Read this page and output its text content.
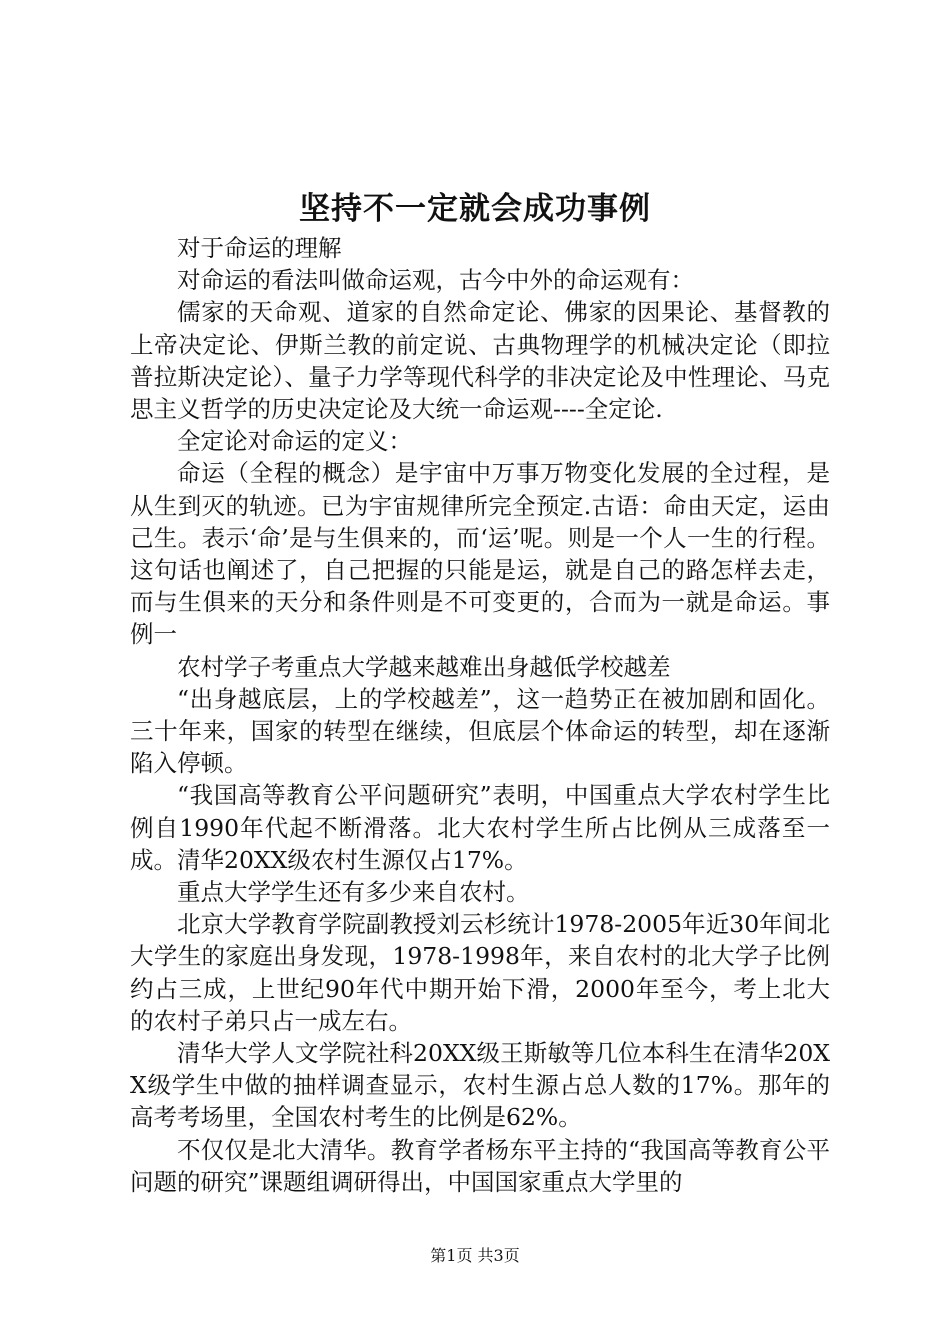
坚持不一定就会成功事例

对于命运的理解

对命运的看法叫做命运观，古今中外的命运观有：

儒家的天命观、道家的自然命定论、佛家的因果论、基督教的上帝决定论、伊斯兰教的前定说、古典物理学的机械决定论（即拉普拉斯决定论）、量子力学等现代科学的非决定论及中性理论、马克思主义哲学的历史决定论及大统一命运观----全定论.

全定论对命运的定义：

命运（全程的概念）是宇宙中万事万物变化发展的全过程，是从生到灭的轨迹。已为宇宙规律所完全预定.古语：命由天定，运由己生。表示‘命’是与生俱来的，而‘运’呢。则是一个人一生的行程。这句话也阐述了，自己把握的只能是运，就是自己的路怎样去走，而与生俱来的天分和条件则是不可变更的，合而为一就是命运。事例一

农村学子考重点大学越来越难出身越低学校越差

“出身越底层，上的学校越差”，这一趋势正在被加剧和固化。三十年来，国家的转型在继续，但底层个体命运的转型，却在逐渐陷入停顿。

“我国高等教育公平问题研究”表明，中国重点大学农村学生比例自1990年代起不断滑落。北大农村学生所占比例从三成落至一成。清华20XX级农村生源仅占17%。

重点大学学生还有多少来自农村。

北京大学教育学院副教授刘云杉统计1978-2005年近30年间北大学生的家庭出身发现，1978-1998年，来自农村的北大学子比例约占三成，上世纪90年代中期开始下滑，2000年至今，考上北大的农村子弟只占一成左右。

清华大学人文学院社科20XX级王斯敏等几位本科生在清华20XX级学生中做的抽样调查显示，农村生源占总人数的17%。那年的高考考场里，全国农村考生的比例是62%。

不仅仅是北大清华。教育学者杨东平主持的“我国高等教育公平问题的研究”课题组调研得出，中国国家重点大学里的

第1页 共3页
